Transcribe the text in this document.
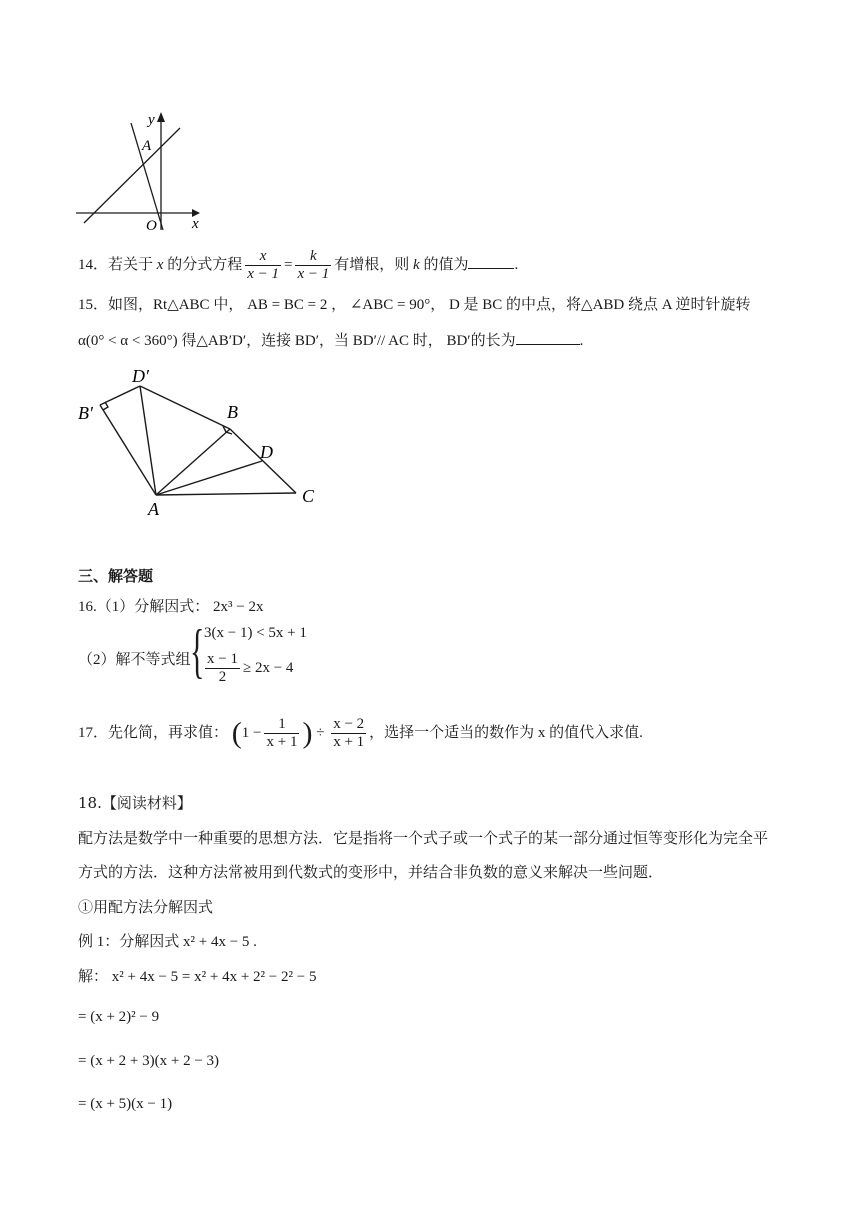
y
A
O x
14．若关于 x 的分式方程 $\frac{x}{x - 1} = \frac{k}{x - 1}$ 有增根，则 k 的值为	.
15．如图，Rt△ABC 中， AB = BC = 2 ， ∠ABC = 90°， D 是 BC 的中点，将△ABD 绕点 A 逆时针旋转
α(0° < α < 360°) 得△AB′D′，连接 BD′，当 BD′// AC 时， BD′的长为	.
D′
B′	B
D
A
C
三、解答题
16.（1）分解因式： 2x³ − 2x
（2）解不等式组 { 3(x − 1) < 5x + 1
$\frac{x - 1}{2} \ge 2x - 4$
17．先化简，再求值： ($1 - \frac{1}{x + 1}$ ) ÷ $\frac{x - 2}{x + 1}$ ，选择一个适当的数作为 x 的值代入求值.
18.【阅读材料】
配方法是数学中一种重要的思想方法．它是指将一个式子或一个式子的某一部分通过恒等变形化为完全平
方式的方法．这种方法常被用到代数式的变形中，并结合非负数的意义来解决一些问题．
①用配方法分解因式
例 1：分解因式 x² + 4x − 5 .
解： x² + 4x − 5 = x² + 4x + 2² − 2² − 5
= (x + 2)² − 9
= (x + 2 + 3)(x + 2 − 3)
= (x + 5)(x − 1)
